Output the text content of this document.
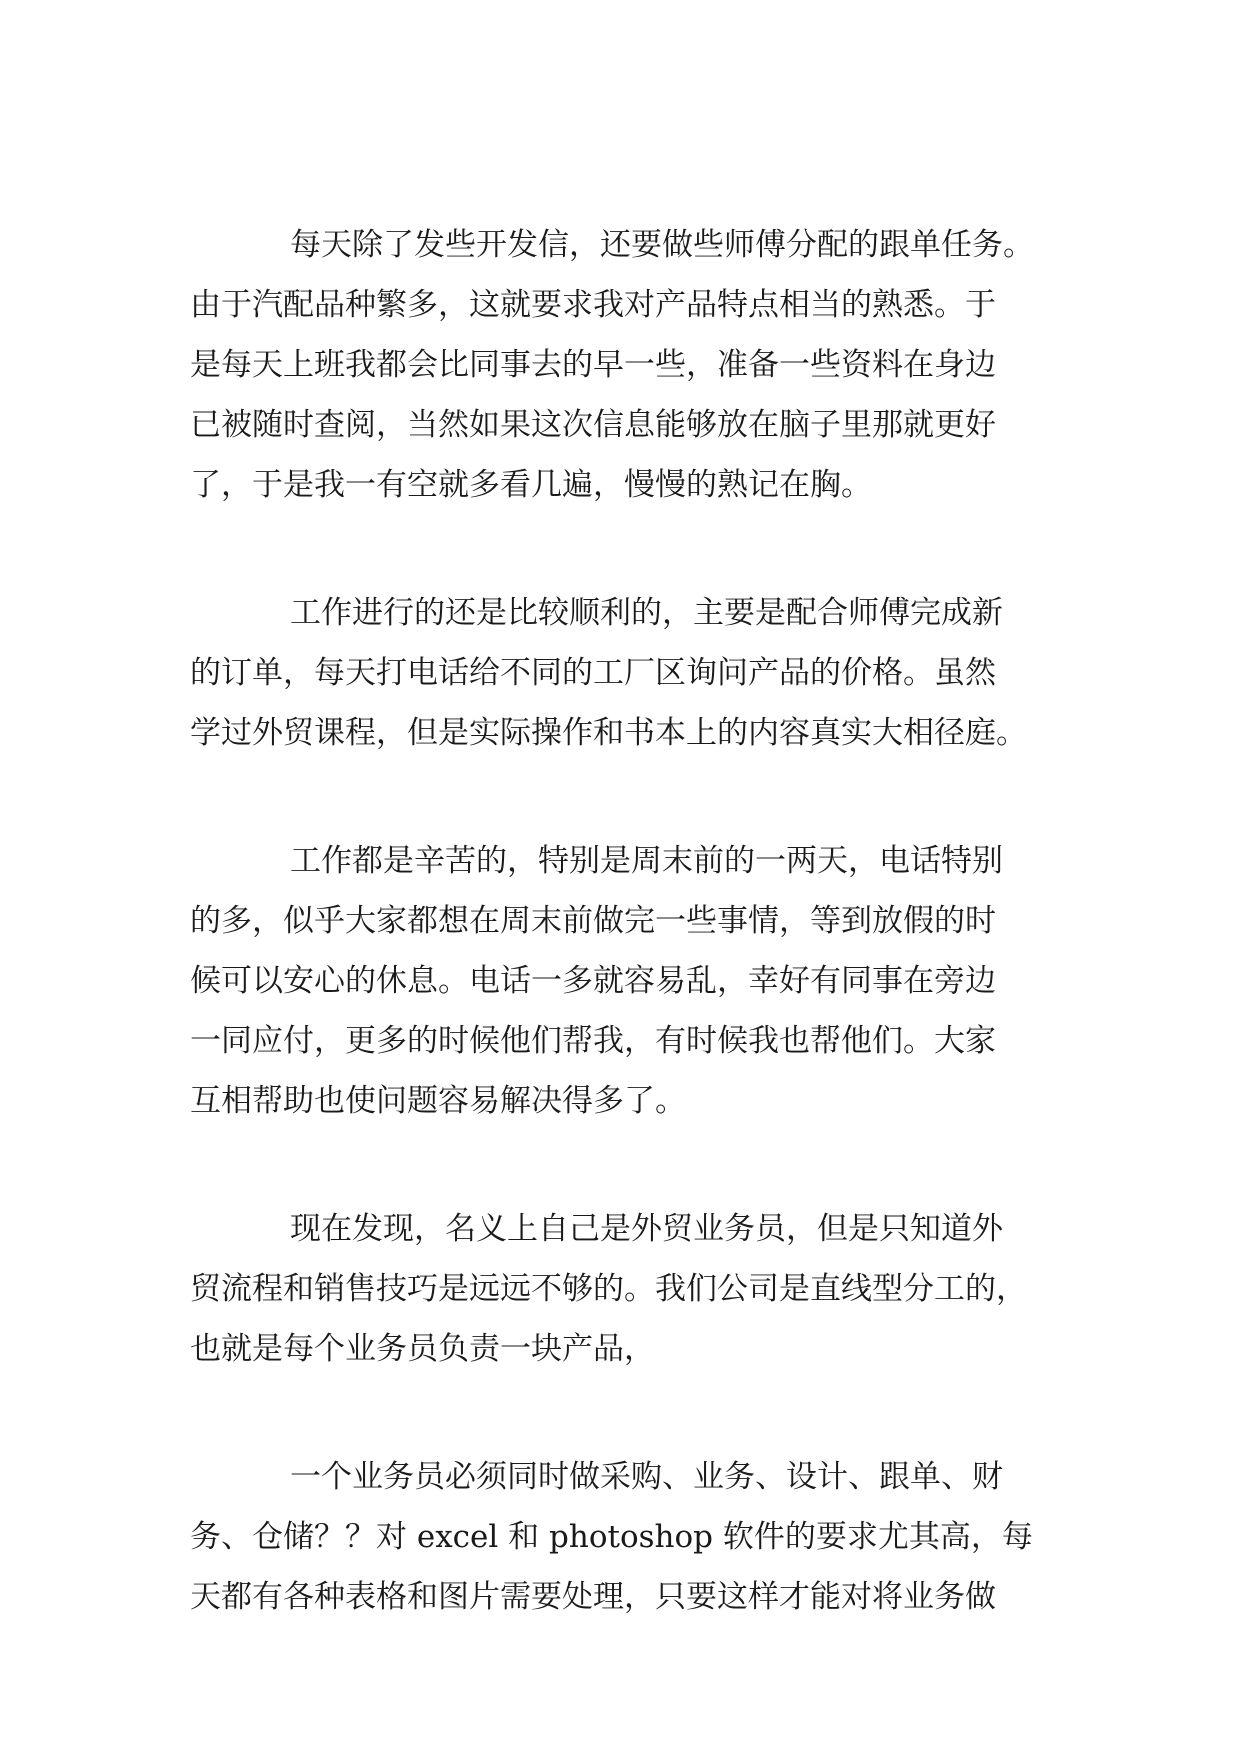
每天除了发些开发信，还要做些师傅分配的跟单任务。
由于汽配品种繁多，这就要求我对产品特点相当的熟悉。于
是每天上班我都会比同事去的早一些，准备一些资料在身边
已被随时查阅，当然如果这次信息能够放在脑子里那就更好
了，于是我一有空就多看几遍，慢慢的熟记在胸。
工作进行的还是比较顺利的，主要是配合师傅完成新
的订单，每天打电话给不同的工厂区询问产品的价格。虽然
学过外贸课程，但是实际操作和书本上的内容真实大相径庭。
工作都是辛苦的，特别是周末前的一两天，电话特别
的多，似乎大家都想在周末前做完一些事情，等到放假的时
候可以安心的休息。电话一多就容易乱，幸好有同事在旁边
一同应付，更多的时候他们帮我，有时候我也帮他们。大家
互相帮助也使问题容易解决得多了。
现在发现，名义上自己是外贸业务员，但是只知道外
贸流程和销售技巧是远远不够的。我们公司是直线型分工的，
也就是每个业务员负责一块产品，
一个业务员必须同时做采购、业务、设计、跟单、财
务、仓储？？对 excel 和 photoshop 软件的要求尤其高，每
天都有各种表格和图片需要处理，只要这样才能对将业务做
